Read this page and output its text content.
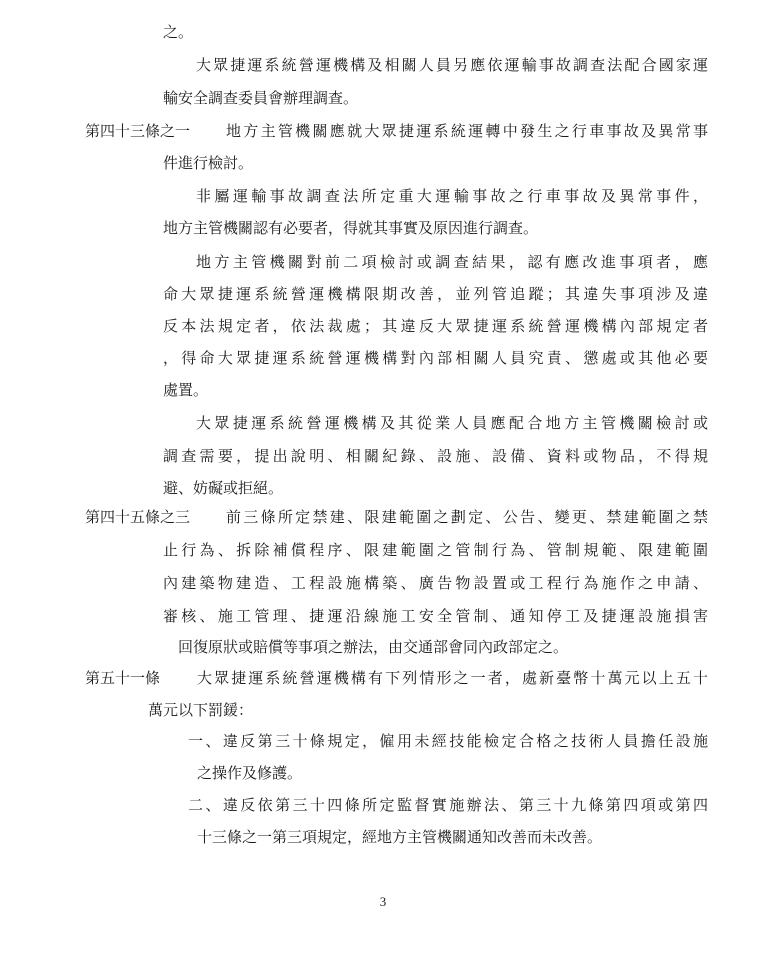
之。
大眾捷運系統營運機構及相關人員另應依運輸事故調查法配合國家運
輸安全調查委員會辦理調查。
第四十三條之一 地方主管機關應就大眾捷運系統運轉中發生之行車事故及異常事
件進行檢討。
非屬運輸事故調查法所定重大運輸事故之行車事故及異常事件，
地方主管機關認有必要者，得就其事實及原因進行調查。
地方主管機關對前二項檢討或調查結果，認有應改進事項者，應
命大眾捷運系統營運機構限期改善，並列管追蹤；其違失事項涉及違
反本法規定者，依法裁處；其違反大眾捷運系統營運機構內部規定者
，得命大眾捷運系統營運機構對內部相關人員究責、懲處或其他必要
處置。
大眾捷運系統營運機構及其從業人員應配合地方主管機關檢討或
調查需要，提出說明、相關紀錄、設施、設備、資料或物品，不得規
避、妨礙或拒絕。
第四十五條之三 前三條所定禁建、限建範圍之劃定、公告、變更、禁建範圍之禁
止行為、拆除補償程序、限建範圍之管制行為、管制規範、限建範圍
內建築物建造、工程設施構築、廣告物設置或工程行為施作之申請、
審核、施工管理、捷運沿線施工安全管制、通知停工及捷運設施損害
回復原狀或賠償等事項之辦法，由交通部會同內政部定之。
第五十一條 大眾捷運系統營運機構有下列情形之一者，處新臺幣十萬元以上五十
萬元以下罰鍰：
一、違反第三十條規定，僱用未經技能檢定合格之技術人員擔任設施
之操作及修護。
二、違反依第三十四條所定監督實施辦法、第三十九條第四項或第四
十三條之一第三項規定，經地方主管機關通知改善而未改善。
3
